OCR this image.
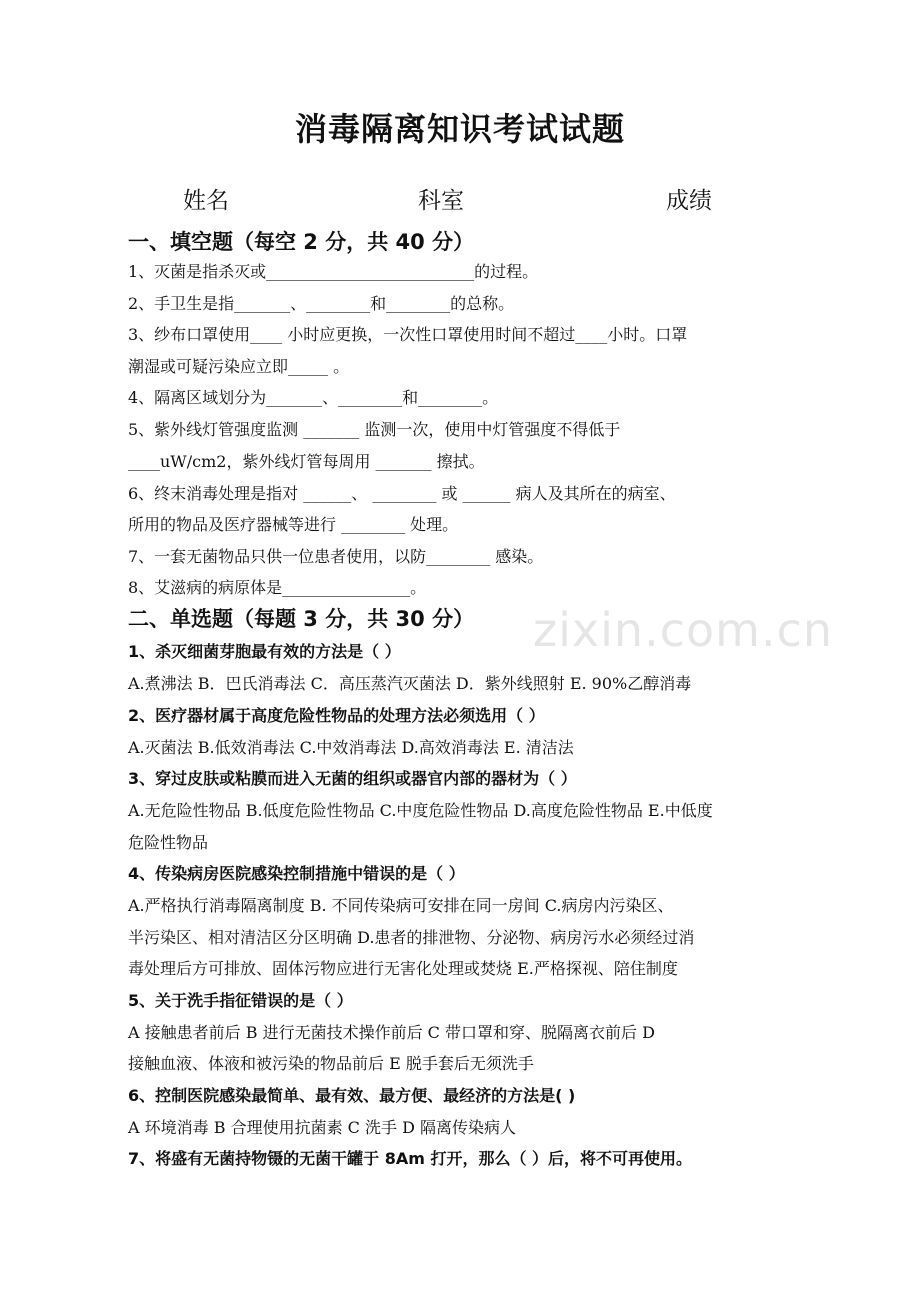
消毒隔离知识考试试题
姓名	科室	成绩
一、填空题（每空 2 分，共 40 分）
1、灭菌是指杀灭或__________________________的过程。
2、手卫生是指_______、________和________的总称。
3、纱布口罩使用____ 小时应更换，一次性口罩使用时间不超过____小时。口罩
潮湿或可疑污染应立即_____ 。
4、隔离区域划分为_______、________和________。
5、紫外线灯管强度监测 _______ 监测一次，使用中灯管强度不得低于
____uW/cm2，紫外线灯管每周用 _______ 擦拭。
6、终末消毒处理是指对 ______、 ________ 或 ______ 病人及其所在的病室、
所用的物品及医疗器械等进行 ________ 处理。
7、一套无菌物品只供一位患者使用，以防________ 感染。
8、艾滋病的病原体是________________。
二、单选题（每题 3 分，共 30 分） zixin.com.cn
1、杀灭细菌芽胞最有效的方法是（ ）
A.煮沸法 B．巴氏消毒法 C．高压蒸汽灭菌法 D．紫外线照射 E. 90%乙醇消毒
2、医疗器材属于高度危险性物品的处理方法必须选用（ ）
A.灭菌法 B.低效消毒法 C.中效消毒法 D.高效消毒法 E. 清洁法
3、穿过皮肤或粘膜而进入无菌的组织或器官内部的器材为（ ）
A.无危险性物品 B.低度危险性物品 C.中度危险性物品 D.高度危险性物品 E.中低度
危险性物品
4、传染病房医院感染控制措施中错误的是（ ）
A.严格执行消毒隔离制度 B. 不同传染病可安排在同一房间 C.病房内污染区、
半污染区、相对清洁区分区明确 D.患者的排泄物、分泌物、病房污水必须经过消
毒处理后方可排放、固体污物应进行无害化处理或焚烧 E.严格探视、陪住制度
5、关于洗手指征错误的是（ ）
A 接触患者前后 B 进行无菌技术操作前后 C 带口罩和穿、脱隔离衣前后 D
接触血液、体液和被污染的物品前后 E 脱手套后无须洗手
6、控制医院感染最简单、最有效、最方便、最经济的方法是( )
A 环境消毒 B 合理使用抗菌素 C 洗手 D 隔离传染病人
7、将盛有无菌持物镊的无菌干罐于 8Am 打开，那么（ ）后，将不可再使用。
